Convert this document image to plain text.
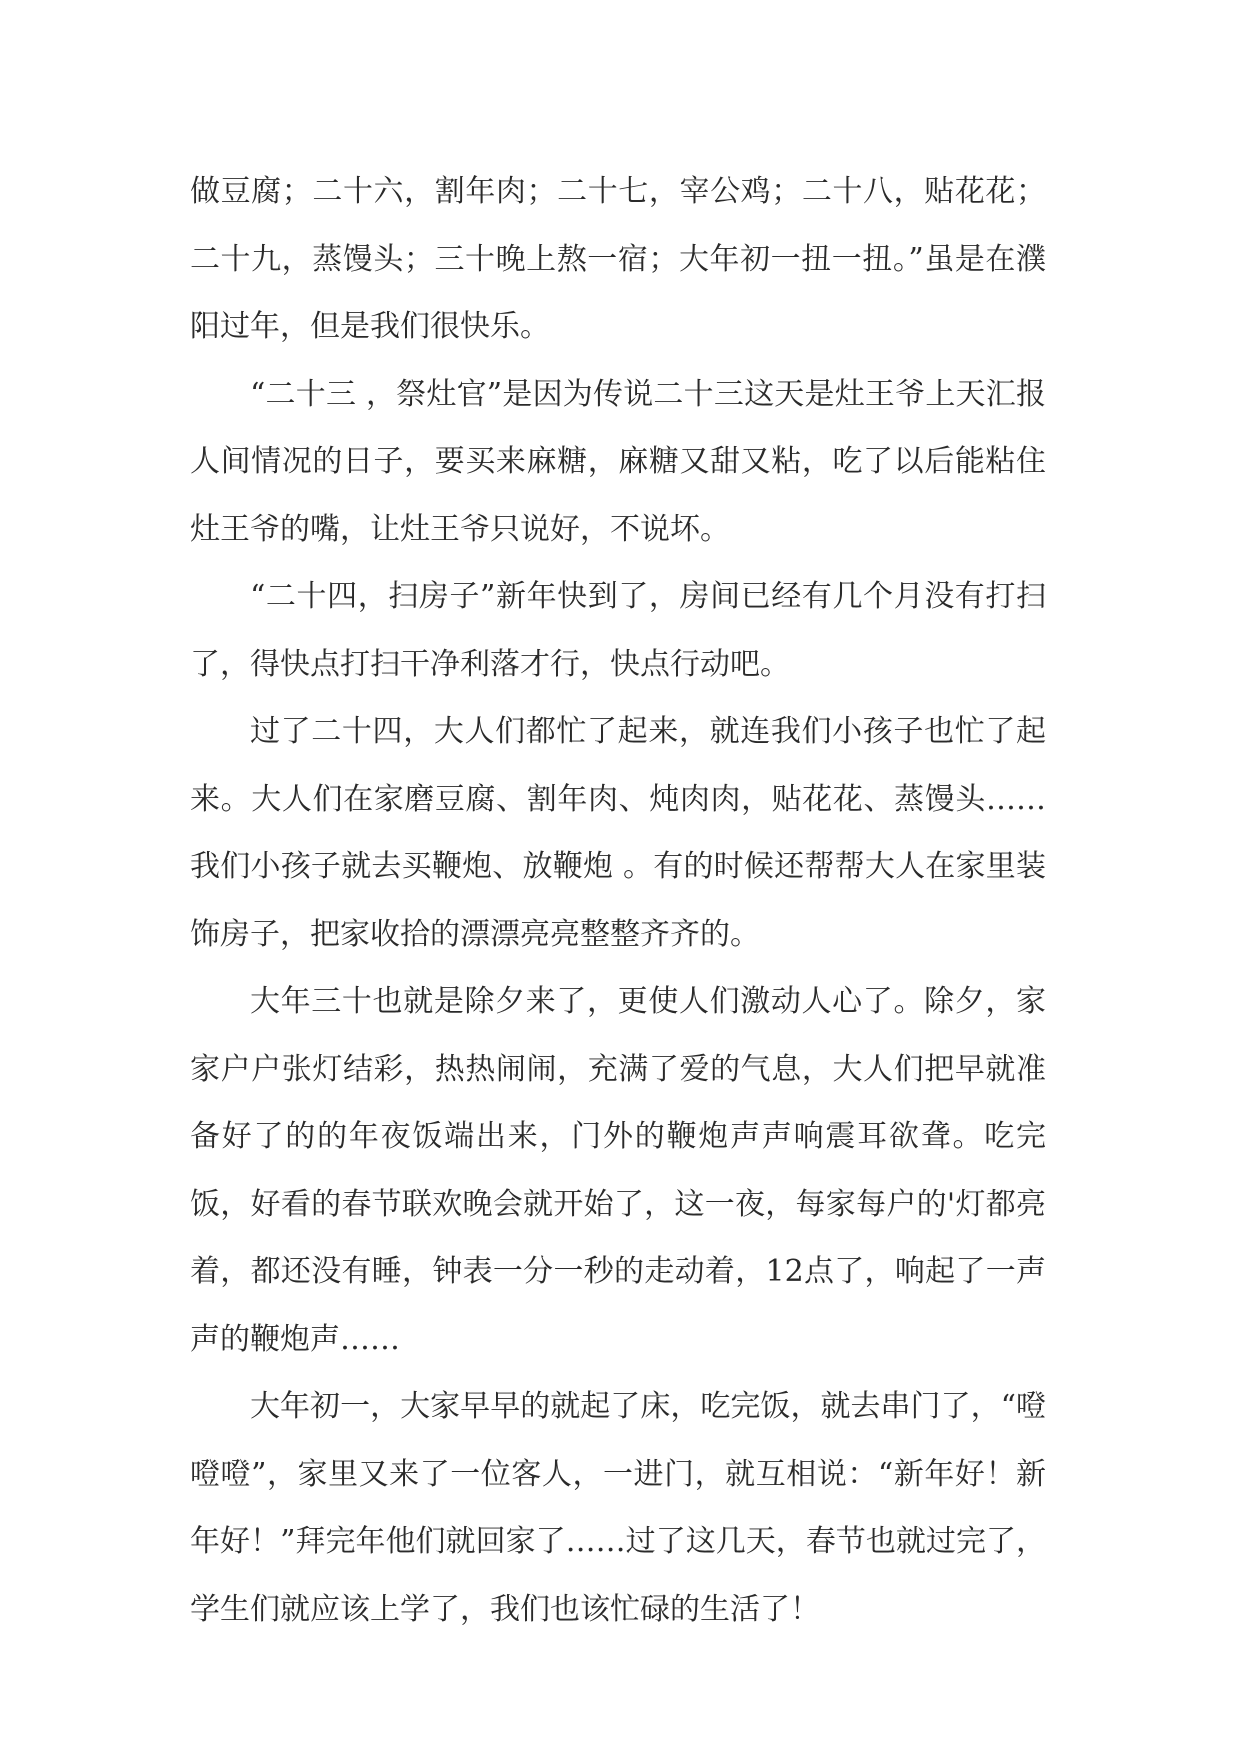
做豆腐；二十六，割年肉；二十七，宰公鸡；二十八，贴花花；二十九，蒸馒头；三十晚上熬一宿；大年初一扭一扭。”虽是在濮阳过年，但是我们很快乐。

“二十三 ，祭灶官”是因为传说二十三这天是灶王爷上天汇报人间情况的日子，要买来麻糖，麻糖又甜又粘，吃了以后能粘住灶王爷的嘴，让灶王爷只说好，不说坏。

“二十四，扫房子”新年快到了，房间已经有几个月没有打扫了，得快点打扫干净利落才行，快点行动吧。

过了二十四，大人们都忙了起来，就连我们小孩子也忙了起来。大人们在家磨豆腐、割年肉、炖肉肉，贴花花、蒸馒头……我们小孩子就去买鞭炮、放鞭炮 。有的时候还帮帮大人在家里装饰房子，把家收拾的漂漂亮亮整整齐齐的。

大年三十也就是除夕来了，更使人们激动人心了。除夕，家家户户张灯结彩，热热闹闹，充满了爱的气息，大人们把早就准备好了的的年夜饭端出来，门外的鞭炮声声响震耳欲聋。吃完饭，好看的春节联欢晚会就开始了，这一夜，每家每户的'灯都亮着，都还没有睡，钟表一分一秒的走动着，12点了，响起了一声声的鞭炮声……

大年初一，大家早早的就起了床，吃完饭，就去串门了，“噔噔噔”，家里又来了一位客人，一进门，就互相说：“新年好！新年好！”拜完年他们就回家了……过了这几天，春节也就过完了，学生们就应该上学了，我们也该忙碌的生活了！
